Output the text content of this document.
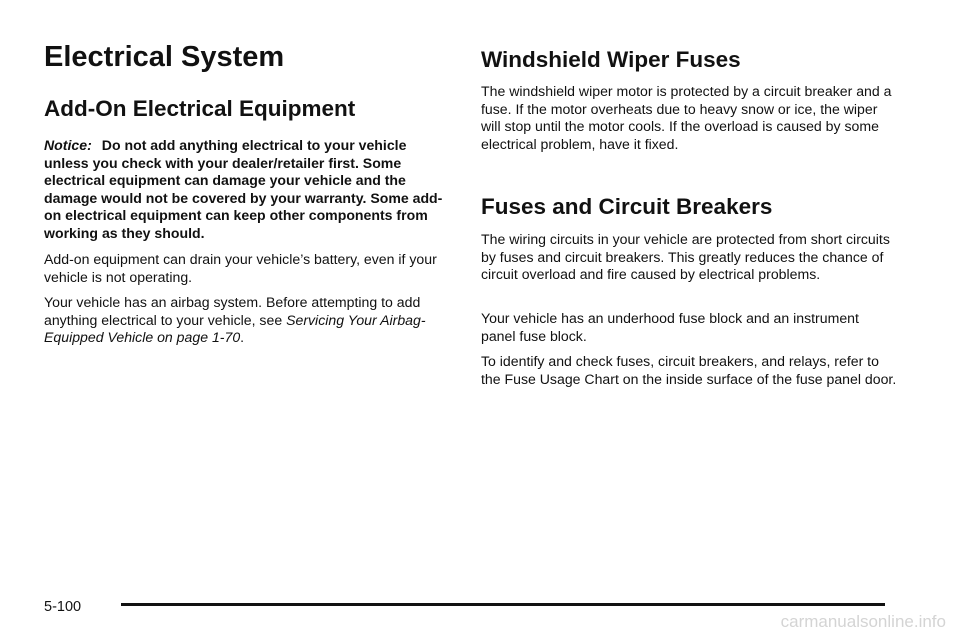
Electrical System
Add-On Electrical Equipment

Notice: Do not add anything electrical to your vehicle unless you check with your dealer/retailer first. Some electrical equipment can damage your vehicle and the damage would not be covered by your warranty. Some add-on electrical equipment can keep other components from working as they should.

Add-on equipment can drain your vehicle’s battery, even if your vehicle is not operating.

Your vehicle has an airbag system. Before attempting to add anything electrical to your vehicle, see Servicing Your Airbag-Equipped Vehicle on page 1-70.

Windshield Wiper Fuses

The windshield wiper motor is protected by a circuit breaker and a fuse. If the motor overheats due to heavy snow or ice, the wiper will stop until the motor cools. If the overload is caused by some electrical problem, have it fixed.

Fuses and Circuit Breakers

The wiring circuits in your vehicle are protected from short circuits by fuses and circuit breakers. This greatly reduces the chance of circuit overload and fire caused by electrical problems.

Your vehicle has an underhood fuse block and an instrument panel fuse block.

To identify and check fuses, circuit breakers, and relays, refer to the Fuse Usage Chart on the inside surface of the fuse panel door.

5-100
carmanualsonline.info
